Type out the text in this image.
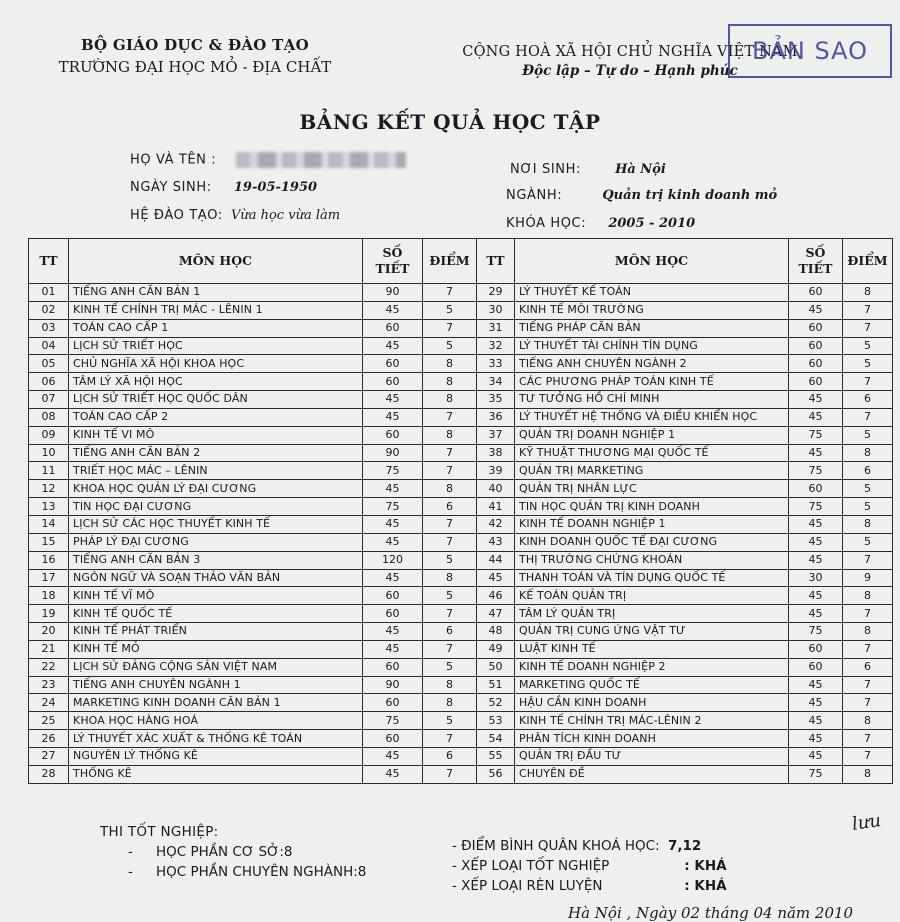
BỘ GIÁO DỤC & ĐÀO TẠO
TRƯỜNG ĐẠI HỌC MỎ - ĐỊA CHẤT
CỘNG HOÀ XÃ HỘI CHỦ NGHĨA VIỆT NAM
Độc lập – Tự do – Hạnh phúc
BẢN SAO
BẢNG KẾT QUẢ HỌC TẬP
HỌ VÀ TÊN :
NGÀY SINH: 19-05-1950
HỆ ĐÀO TẠO: Vừa học vừa làm
NƠI SINH:	Hà Nội
NGÀNH:	Quản trị kinh doanh mỏ
KHÓA HỌC: 2005 - 2010
TT	MÔN HỌC	SỐ TIẾT	ĐIỂM	TT	MÔN HỌC	SỐ TIẾT	ĐIỂM
01	TIẾNG ANH CĂN BẢN 1	90	7	29	LÝ THUYẾT KẾ TOÁN	60	8
02	KINH TẾ CHÍNH TRỊ MÁC - LÊNIN 1	45	5	30	KINH TẾ MÔI TRƯỜNG	45	7
03	TOÁN CAO CẤP 1	60	7	31	TIẾNG PHÁP CĂN BẢN	60	7
04	LỊCH SỬ TRIẾT HỌC	45	5	32	LÝ THUYẾT TÀI CHÍNH TÍN DỤNG	60	5
05	CHỦ NGHĨA XÃ HỘI KHOA HỌC	60	8	33	TIẾNG ANH CHUYÊN NGÀNH 2	60	5
06	TÂM LÝ XÃ HỘI HỌC	60	8	34	CÁC PHƯƠNG PHÁP TOÁN KINH TẾ	60	7
07	LỊCH SỬ TRIẾT HỌC QUỐC DÂN	45	8	35	TƯ TƯỞNG HỒ CHÍ MINH	45	6
08	TOÁN CAO CẤP 2	45	7	36	LÝ THUYẾT HỆ THỐNG VÀ ĐIỀU KHIỂN HỌC	45	7
09	KINH TẾ VI MÔ	60	8	37	QUẢN TRỊ DOANH NGHIỆP 1	75	5
10	TIẾNG ANH CĂN BẢN 2	90	7	38	KỸ THUẬT THƯƠNG MẠI QUỐC TẾ	45	8
11	TRIẾT HỌC MÁC – LÊNIN	75	7	39	QUẢN TRỊ MARKETING	75	6
12	KHOA HỌC QUẢN LÝ ĐẠI CƯƠNG	45	8	40	QUẢN TRỊ NHÂN LỰC	60	5
13	TIN HỌC ĐẠI CƯƠNG	75	6	41	TIN HỌC QUẢN TRỊ KINH DOANH	75	5
14	LỊCH SỬ CÁC HỌC THUYẾT KINH TẾ	45	7	42	KINH TẾ DOANH NGHIỆP 1	45	8
15	PHÁP LÝ ĐẠI CƯƠNG	45	7	43	KINH DOANH QUỐC TẾ ĐẠI CƯƠNG	45	5
16	TIẾNG ANH CĂN BẢN 3	120	5	44	THỊ TRƯỜNG CHỨNG KHOÁN	45	7
17	NGÔN NGỮ VÀ SOẠN THẢO VĂN BẢN	45	8	45	THANH TOÁN VÀ TÍN DỤNG QUỐC TẾ	30	9
18	KINH TẾ VĨ MÔ	60	5	46	KẾ TOÁN QUẢN TRỊ	45	8
19	KINH TẾ QUỐC TẾ	60	7	47	TÂM LÝ QUẢN TRỊ	45	7
20	KINH TẾ PHÁT TRIỂN	45	6	48	QUẢN TRỊ CUNG ỨNG VẬT TƯ	75	8
21	KINH TẾ MỎ	45	7	49	LUẬT KINH TẾ	60	7
22	LỊCH SỬ ĐẢNG CỘNG SẢN VIỆT NAM	60	5	50	KINH TẾ DOANH NGHIỆP 2	60	6
23	TIẾNG ANH CHUYÊN NGÀNH 1	90	8	51	MARKETING QUỐC TẾ	45	7
24	MARKETING KINH DOANH CĂN BẢN 1	60	8	52	HẬU CẦN KINH DOANH	45	7
25	KHOA HỌC HÀNG HOÁ	75	5	53	KINH TẾ CHÍNH TRỊ MÁC-LÊNIN 2	45	8
26	LÝ THUYẾT XÁC XUẤT & THỐNG KÊ TOÁN	60	7	54	PHÂN TÍCH KINH DOANH	45	7
27	NGUYÊN LÝ THỐNG KÊ	45	6	55	QUẢN TRỊ ĐẦU TƯ	45	7
28	THỐNG KÊ	45	7	56	CHUYÊN ĐỀ	75	8
THI TỐT NGHIỆP:
- HỌC PHẦN CƠ SỞ:8
- HỌC PHẦN CHUYÊN NGHÀNH:8
- ĐIỂM BÌNH QUÂN KHOÁ HỌC: 7,12
- XẾP LOẠI TỐT NGHIỆP	: KHÁ
- XẾP LOẠI RÈN LUYỆN	: KHÁ
lưu
Hà Nội , Ngày 02 tháng 04 năm 2010
